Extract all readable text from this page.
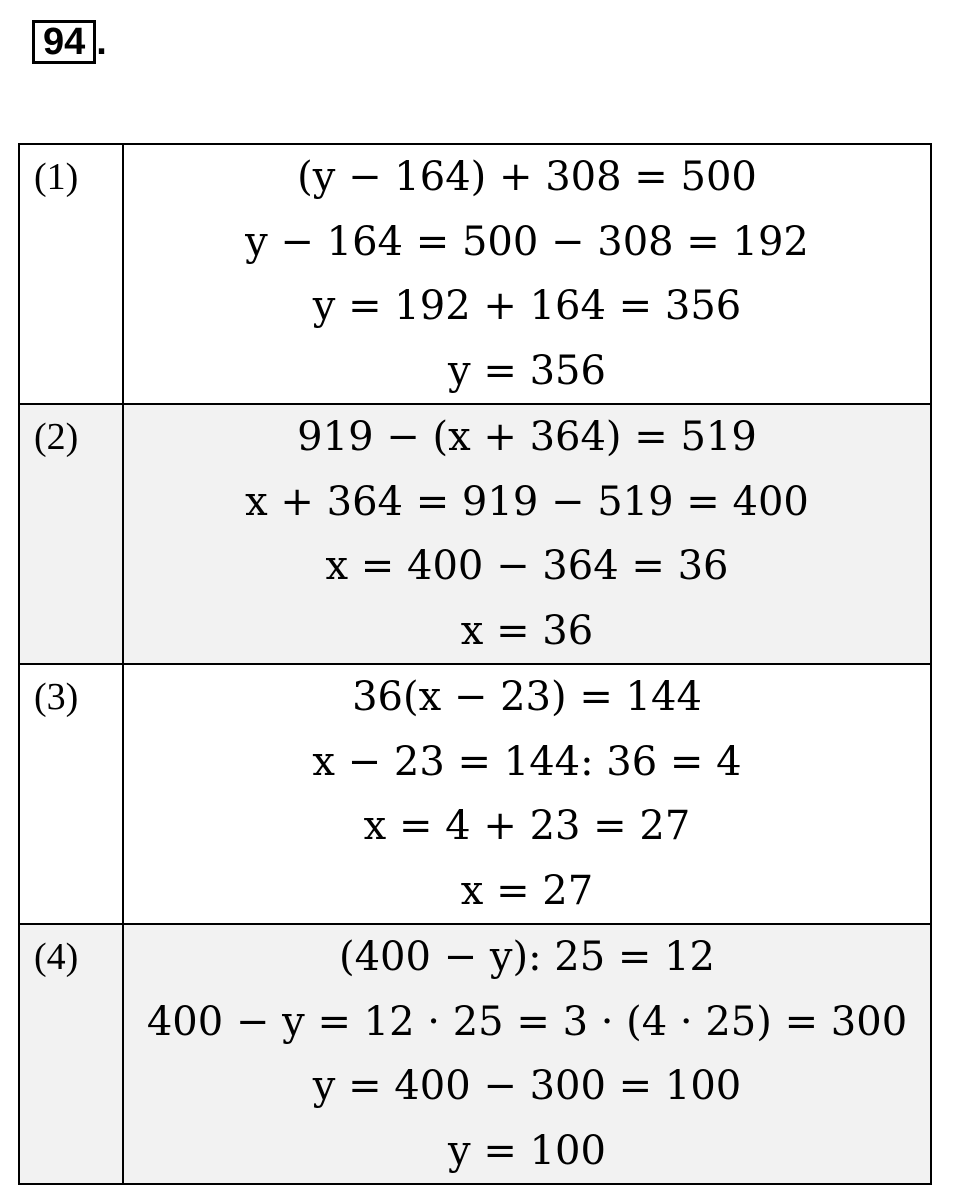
94 .
(1)	(y − 164) + 308 = 500
y − 164 = 500 − 308 = 192
y = 192 + 164 = 356
y = 356

(2)	919 − (x + 364) = 519
x + 364 = 919 − 519 = 400
x = 400 − 364 = 36
x = 36

(3)	36(x − 23) = 144
x − 23 = 144: 36 = 4
x = 4 + 23 = 27
x = 27

(4)	(400 − y): 25 = 12
400 − y = 12 · 25 = 3 · (4 · 25) = 300
y = 400 − 300 = 100
y = 100
